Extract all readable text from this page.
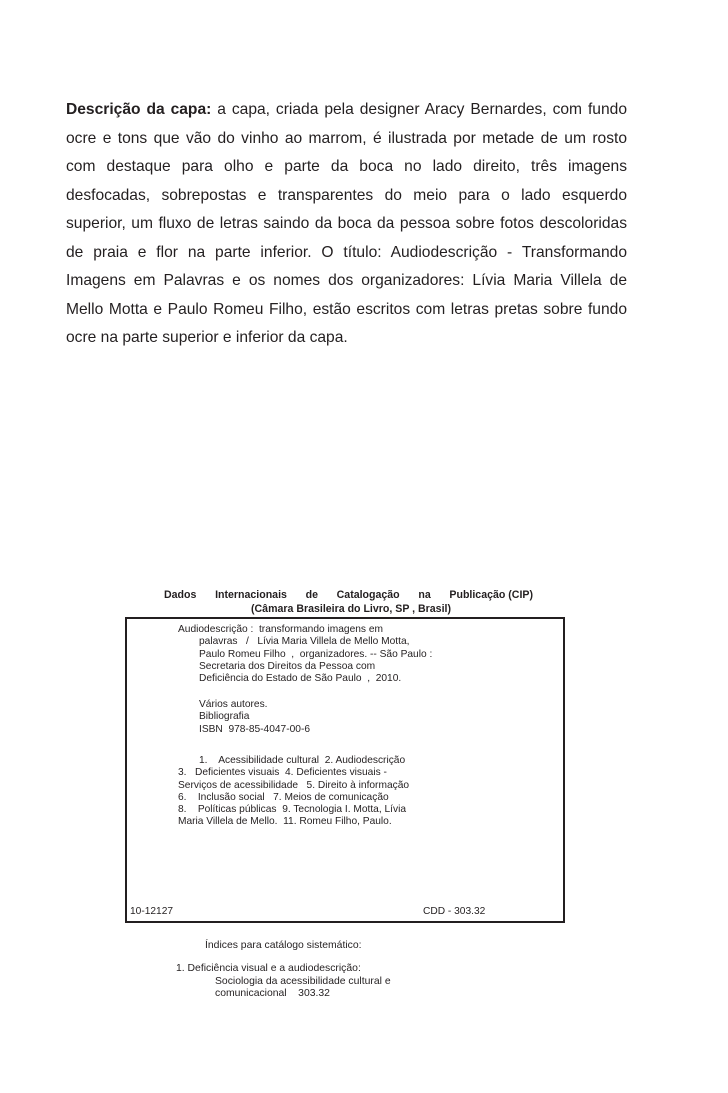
Descrição da capa: a capa, criada pela designer Aracy Bernardes, com fundo ocre e tons que vão do vinho ao marrom, é ilustrada por metade de um rosto com destaque para olho e parte da boca no lado direito, três imagens desfocadas, sobrepostas e transparentes do meio para o lado esquerdo superior, um fluxo de letras saindo da boca da pessoa sobre fotos descoloridas de praia e flor na parte inferior. O título: Audiodescrição - Transformando Imagens em Palavras e os nomes dos organizadores: Lívia Maria Villela de Mello Motta e Paulo Romeu Filho, estão escritos com letras pretas sobre fundo ocre na parte superior e inferior da capa.

Dados Internacionais de Catalogação na Publicação (CIP)
(Câmara Brasileira do Livro, SP , Brasil)
Audiodescrição :  transformando imagens em
palavras   /   Lívia Maria Villela de Mello Motta,
Paulo Romeu Filho  ,  organizadores. -- São Paulo :
Secretaria dos Direitos da Pessoa com
Deficiência do Estado de São Paulo  ,  2010.
Vários autores.
Bibliografia
ISBN  978-85-4047-00-6
1.    Acessibilidade cultural  2. Audiodescrição
3.   Deficientes visuais  4. Deficientes visuais -
Serviços de acessibilidade   5. Direito à informação
6.    Inclusão social   7. Meios de comunicação
8.    Políticas públicas  9. Tecnologia I. Motta, Lívia
Maria Villela de Mello.  11. Romeu Filho, Paulo.
10-12127	CDD - 303.32
Índices para catálogo sistemático:
1. Deficiência visual e a audiodescrição:
Sociologia da acessibilidade cultural e
comunicacional    303.32
